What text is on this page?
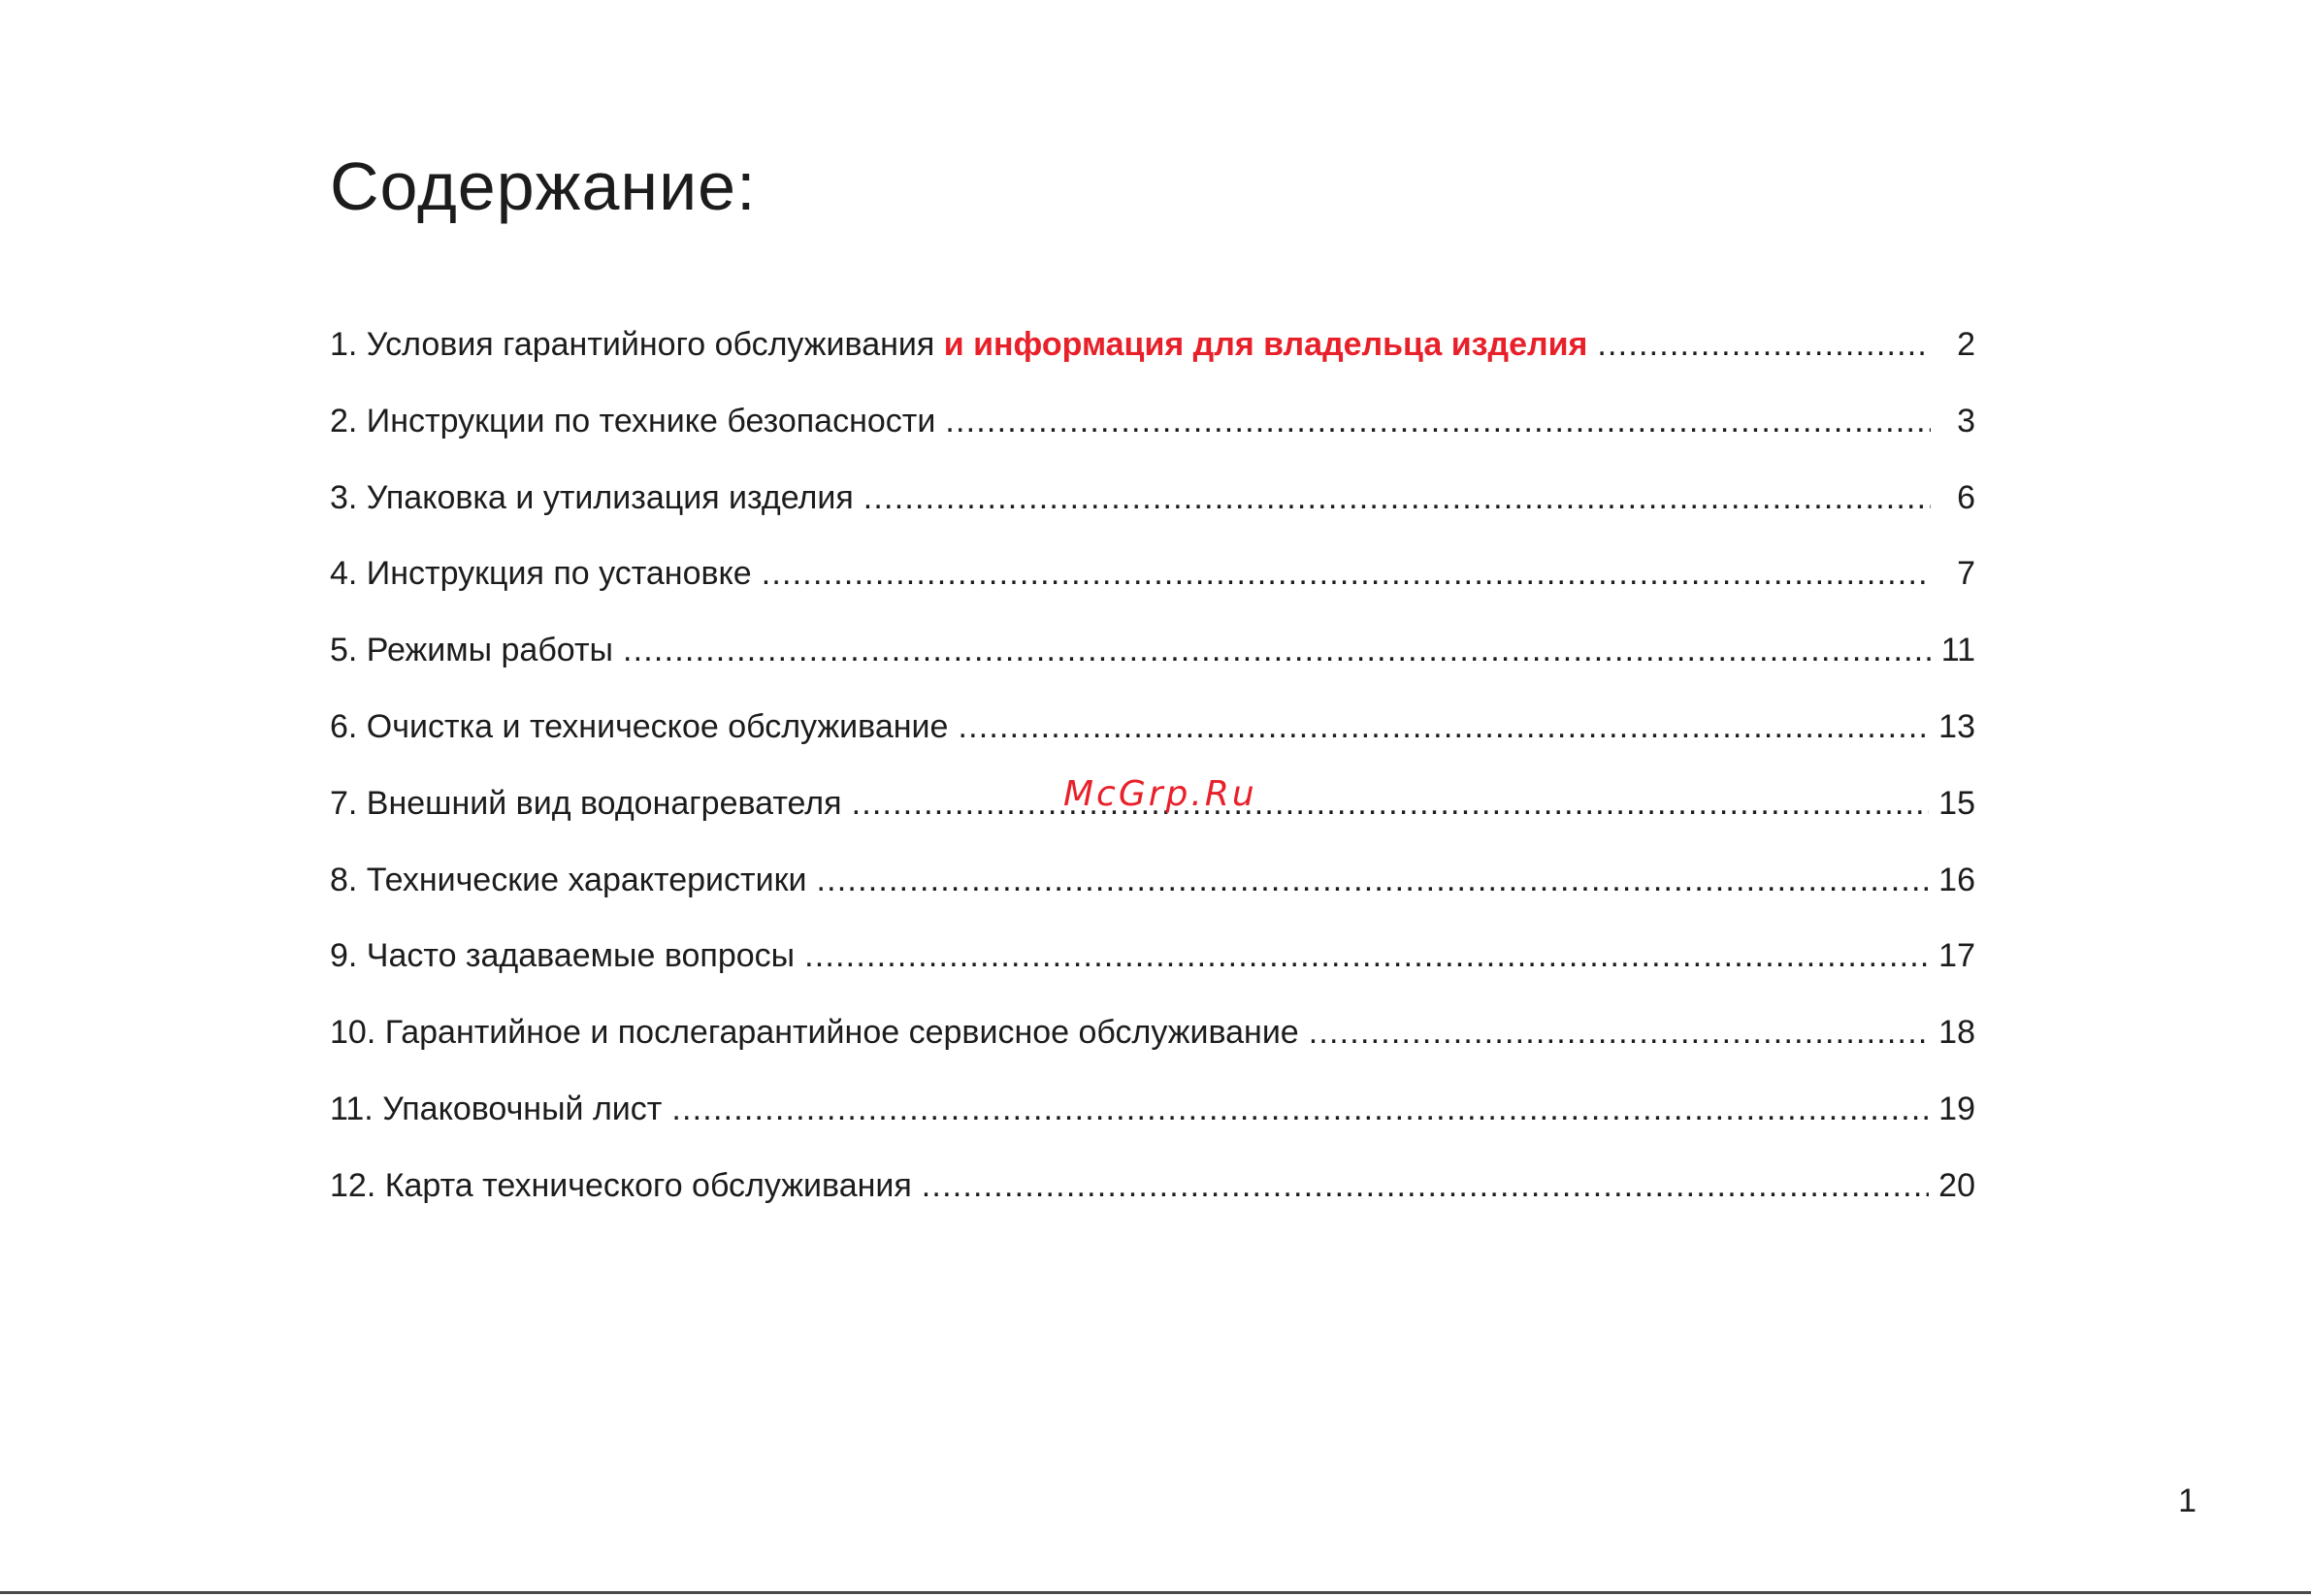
Содержание:
1. Условия гарантийного обслуживания и информация для владельца изделия .....	2
2. Инструкции по технике безопасности .....	3
3. Упаковка и утилизация изделия .....	6
4. Инструкция по установке .....	7
5. Режимы работы .....	11
6. Очистка и техническое обслуживание .....	13
7. Внешний вид водонагревателя .....	15
8. Технические характеристики .....	16
9. Часто задаваемые вопросы .....	17
10. Гарантийное и послегарантийное сервисное обслуживание .....	18
11. Упаковочный лист .....	19
12. Карта технического обслуживания .....	20
McGrp.Ru
1
